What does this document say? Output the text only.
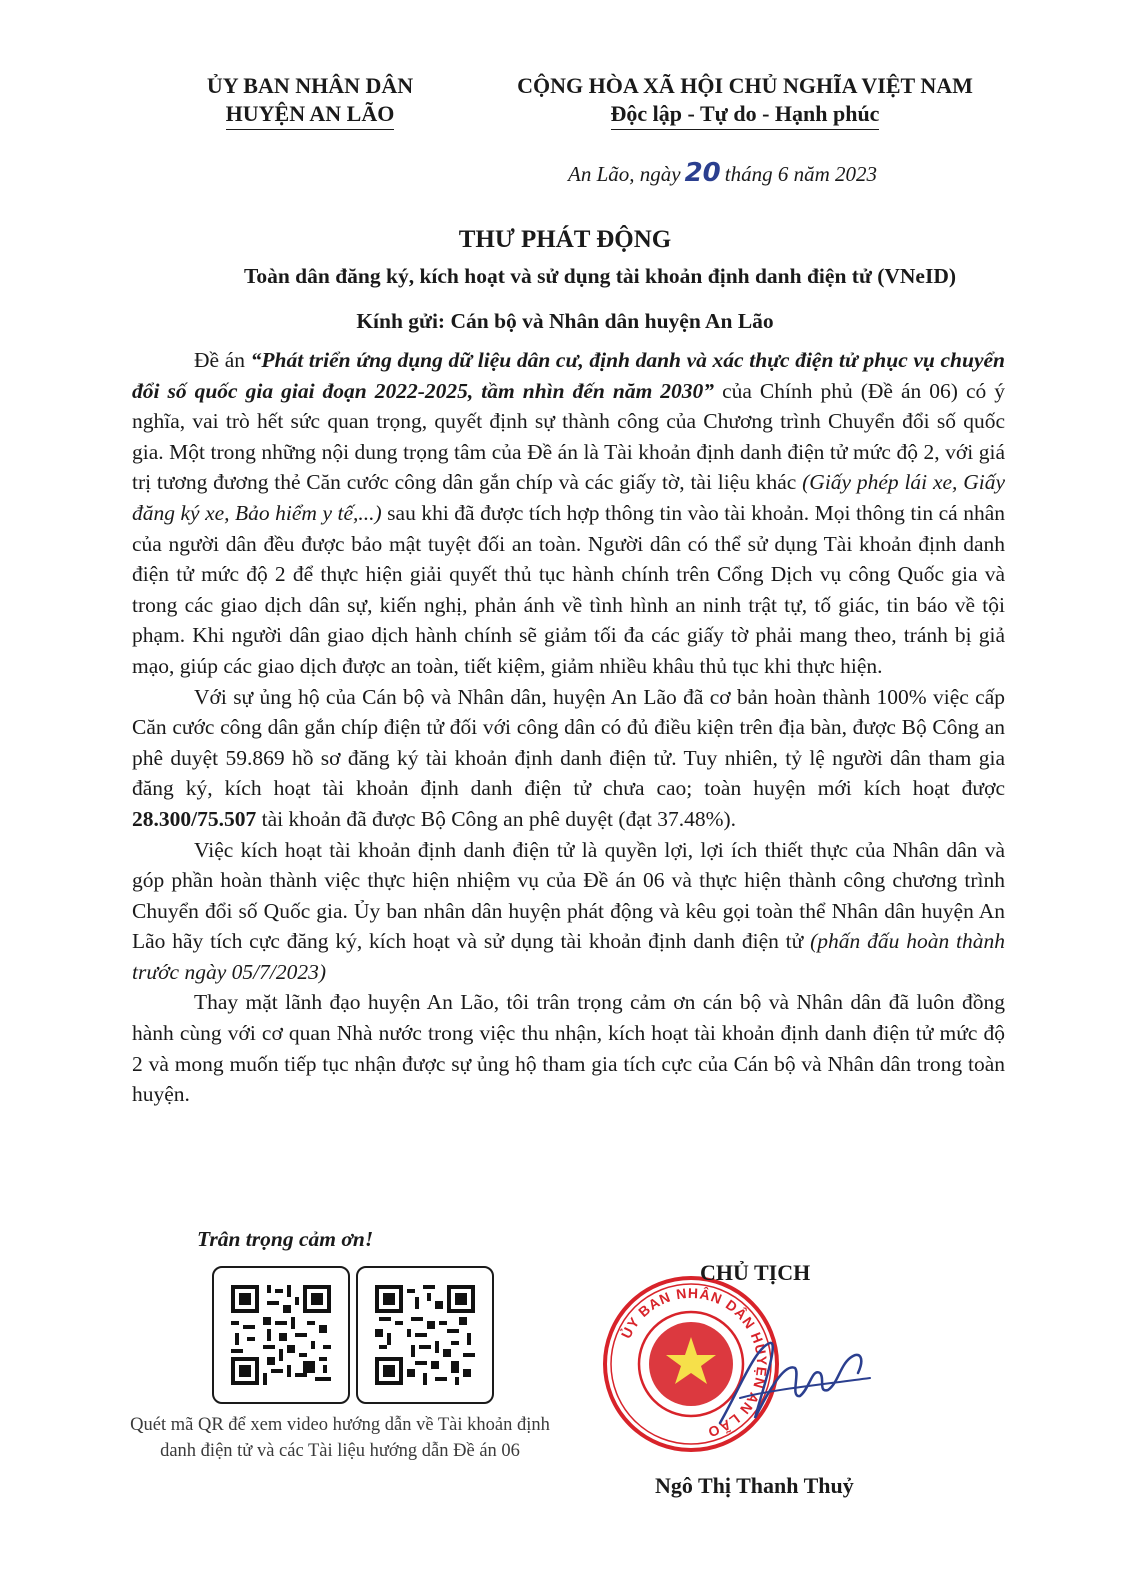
ỦY BAN NHÂN DÂN
HUYỆN AN LÃO
CỘNG HÒA XÃ HỘI CHỦ NGHĨA VIỆT NAM
Độc lập - Tự do - Hạnh phúc
An Lão, ngày 20 tháng 6 năm 2023
THƯ PHÁT ĐỘNG
Toàn dân đăng ký, kích hoạt và sử dụng tài khoản định danh điện tử (VNeID)
Kính gửi: Cán bộ và Nhân dân huyện An Lão

Đề án “Phát triển ứng dụng dữ liệu dân cư, định danh và xác thực điện tử phục vụ chuyển đổi số quốc gia giai đoạn 2022-2025, tầm nhìn đến năm 2030” của Chính phủ (Đề án 06) có ý nghĩa, vai trò hết sức quan trọng, quyết định sự thành công của Chương trình Chuyển đổi số quốc gia. Một trong những nội dung trọng tâm của Đề án là Tài khoản định danh điện tử mức độ 2, với giá trị tương đương thẻ Căn cước công dân gắn chíp và các giấy tờ, tài liệu khác (Giấy phép lái xe, Giấy đăng ký xe, Bảo hiểm y tế,...) sau khi đã được tích hợp thông tin vào tài khoản. Mọi thông tin cá nhân của người dân đều được bảo mật tuyệt đối an toàn. Người dân có thể sử dụng Tài khoản định danh điện tử mức độ 2 để thực hiện giải quyết thủ tục hành chính trên Cổng Dịch vụ công Quốc gia và trong các giao dịch dân sự, kiến nghị, phản ánh về tình hình an ninh trật tự, tố giác, tin báo về tội phạm. Khi người dân giao dịch hành chính sẽ giảm tối đa các giấy tờ phải mang theo, tránh bị giả mạo, giúp các giao dịch được an toàn, tiết kiệm, giảm nhiều khâu thủ tục khi thực hiện.

Với sự ủng hộ của Cán bộ và Nhân dân, huyện An Lão đã cơ bản hoàn thành 100% việc cấp Căn cước công dân gắn chíp điện tử đối với công dân có đủ điều kiện trên địa bàn, được Bộ Công an phê duyệt 59.869 hồ sơ đăng ký tài khoản định danh điện tử. Tuy nhiên, tỷ lệ người dân tham gia đăng ký, kích hoạt tài khoản định danh điện tử chưa cao; toàn huyện mới kích hoạt được 28.300/75.507 tài khoản đã được Bộ Công an phê duyệt (đạt 37.48%).

Việc kích hoạt tài khoản định danh điện tử là quyền lợi, lợi ích thiết thực của Nhân dân và góp phần hoàn thành việc thực hiện nhiệm vụ của Đề án 06 và thực hiện thành công chương trình Chuyển đổi số Quốc gia. Ủy ban nhân dân huyện phát động và kêu gọi toàn thể Nhân dân huyện An Lão hãy tích cực đăng ký, kích hoạt và sử dụng tài khoản định danh điện tử (phấn đấu hoàn thành trước ngày 05/7/2023)

Thay mặt lãnh đạo huyện An Lão, tôi trân trọng cảm ơn cán bộ và Nhân dân đã luôn đồng hành cùng với cơ quan Nhà nước trong việc thu nhận, kích hoạt tài khoản định danh điện tử mức độ 2 và mong muốn tiếp tục nhận được sự ủng hộ tham gia tích cực của Cán bộ và Nhân dân trong toàn huyện.

Trân trọng cảm ơn!
Quét mã QR để xem video hướng dẫn về Tài khoản định danh điện tử và các Tài liệu hướng dẫn Đề án 06
ỦY BAN NHÂN DÂN HUYỆN AN LÃO
CHỦ TỊCH
Ngô Thị Thanh Thuỷ
